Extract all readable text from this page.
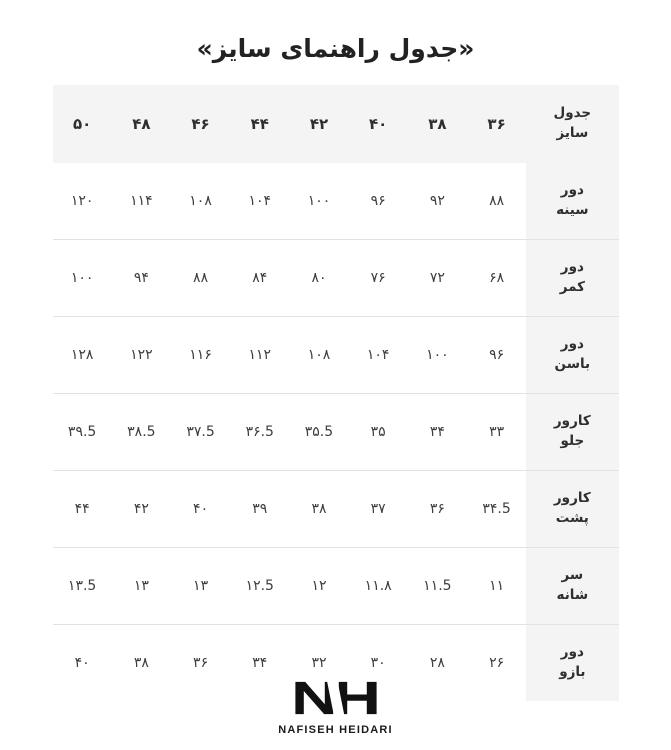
«جدول راهنمای سایز»
جدول
سایز	۳۶	۳۸	۴۰	۴۲	۴۴	۴۶	۴۸	۵۰

دور
سینه	۸۸	۹۲	۹۶	۱۰۰	۱۰۴	۱۰۸	۱۱۴	۱۲۰

دور
کمر	۶۸	۷۲	۷۶	۸۰	۸۴	۸۸	۹۴	۱۰۰

دور
باسن	۹۶	۱۰۰	۱۰۴	۱۰۸	۱۱۲	۱۱۶	۱۲۲	۱۲۸

کارور
جلو	۳۳	۳۴	۳۵	۳۵.5	۳۶.5	۳۷.5	۳۸.5	۳۹.5

کارور
پشت	۳۴.5	۳۶	۳۷	۳۸	۳۹	۴۰	۴۲	۴۴

سر
شانه	۱۱	۱۱.5	۱۱.۸	۱۲	۱۲.5	۱۳	۱۳	۱۳.5

دور
بازو	۲۶	۲۸	۳۰	۳۲	۳۴	۳۶	۳۸	۴۰
NAFISEH HEIDARI
